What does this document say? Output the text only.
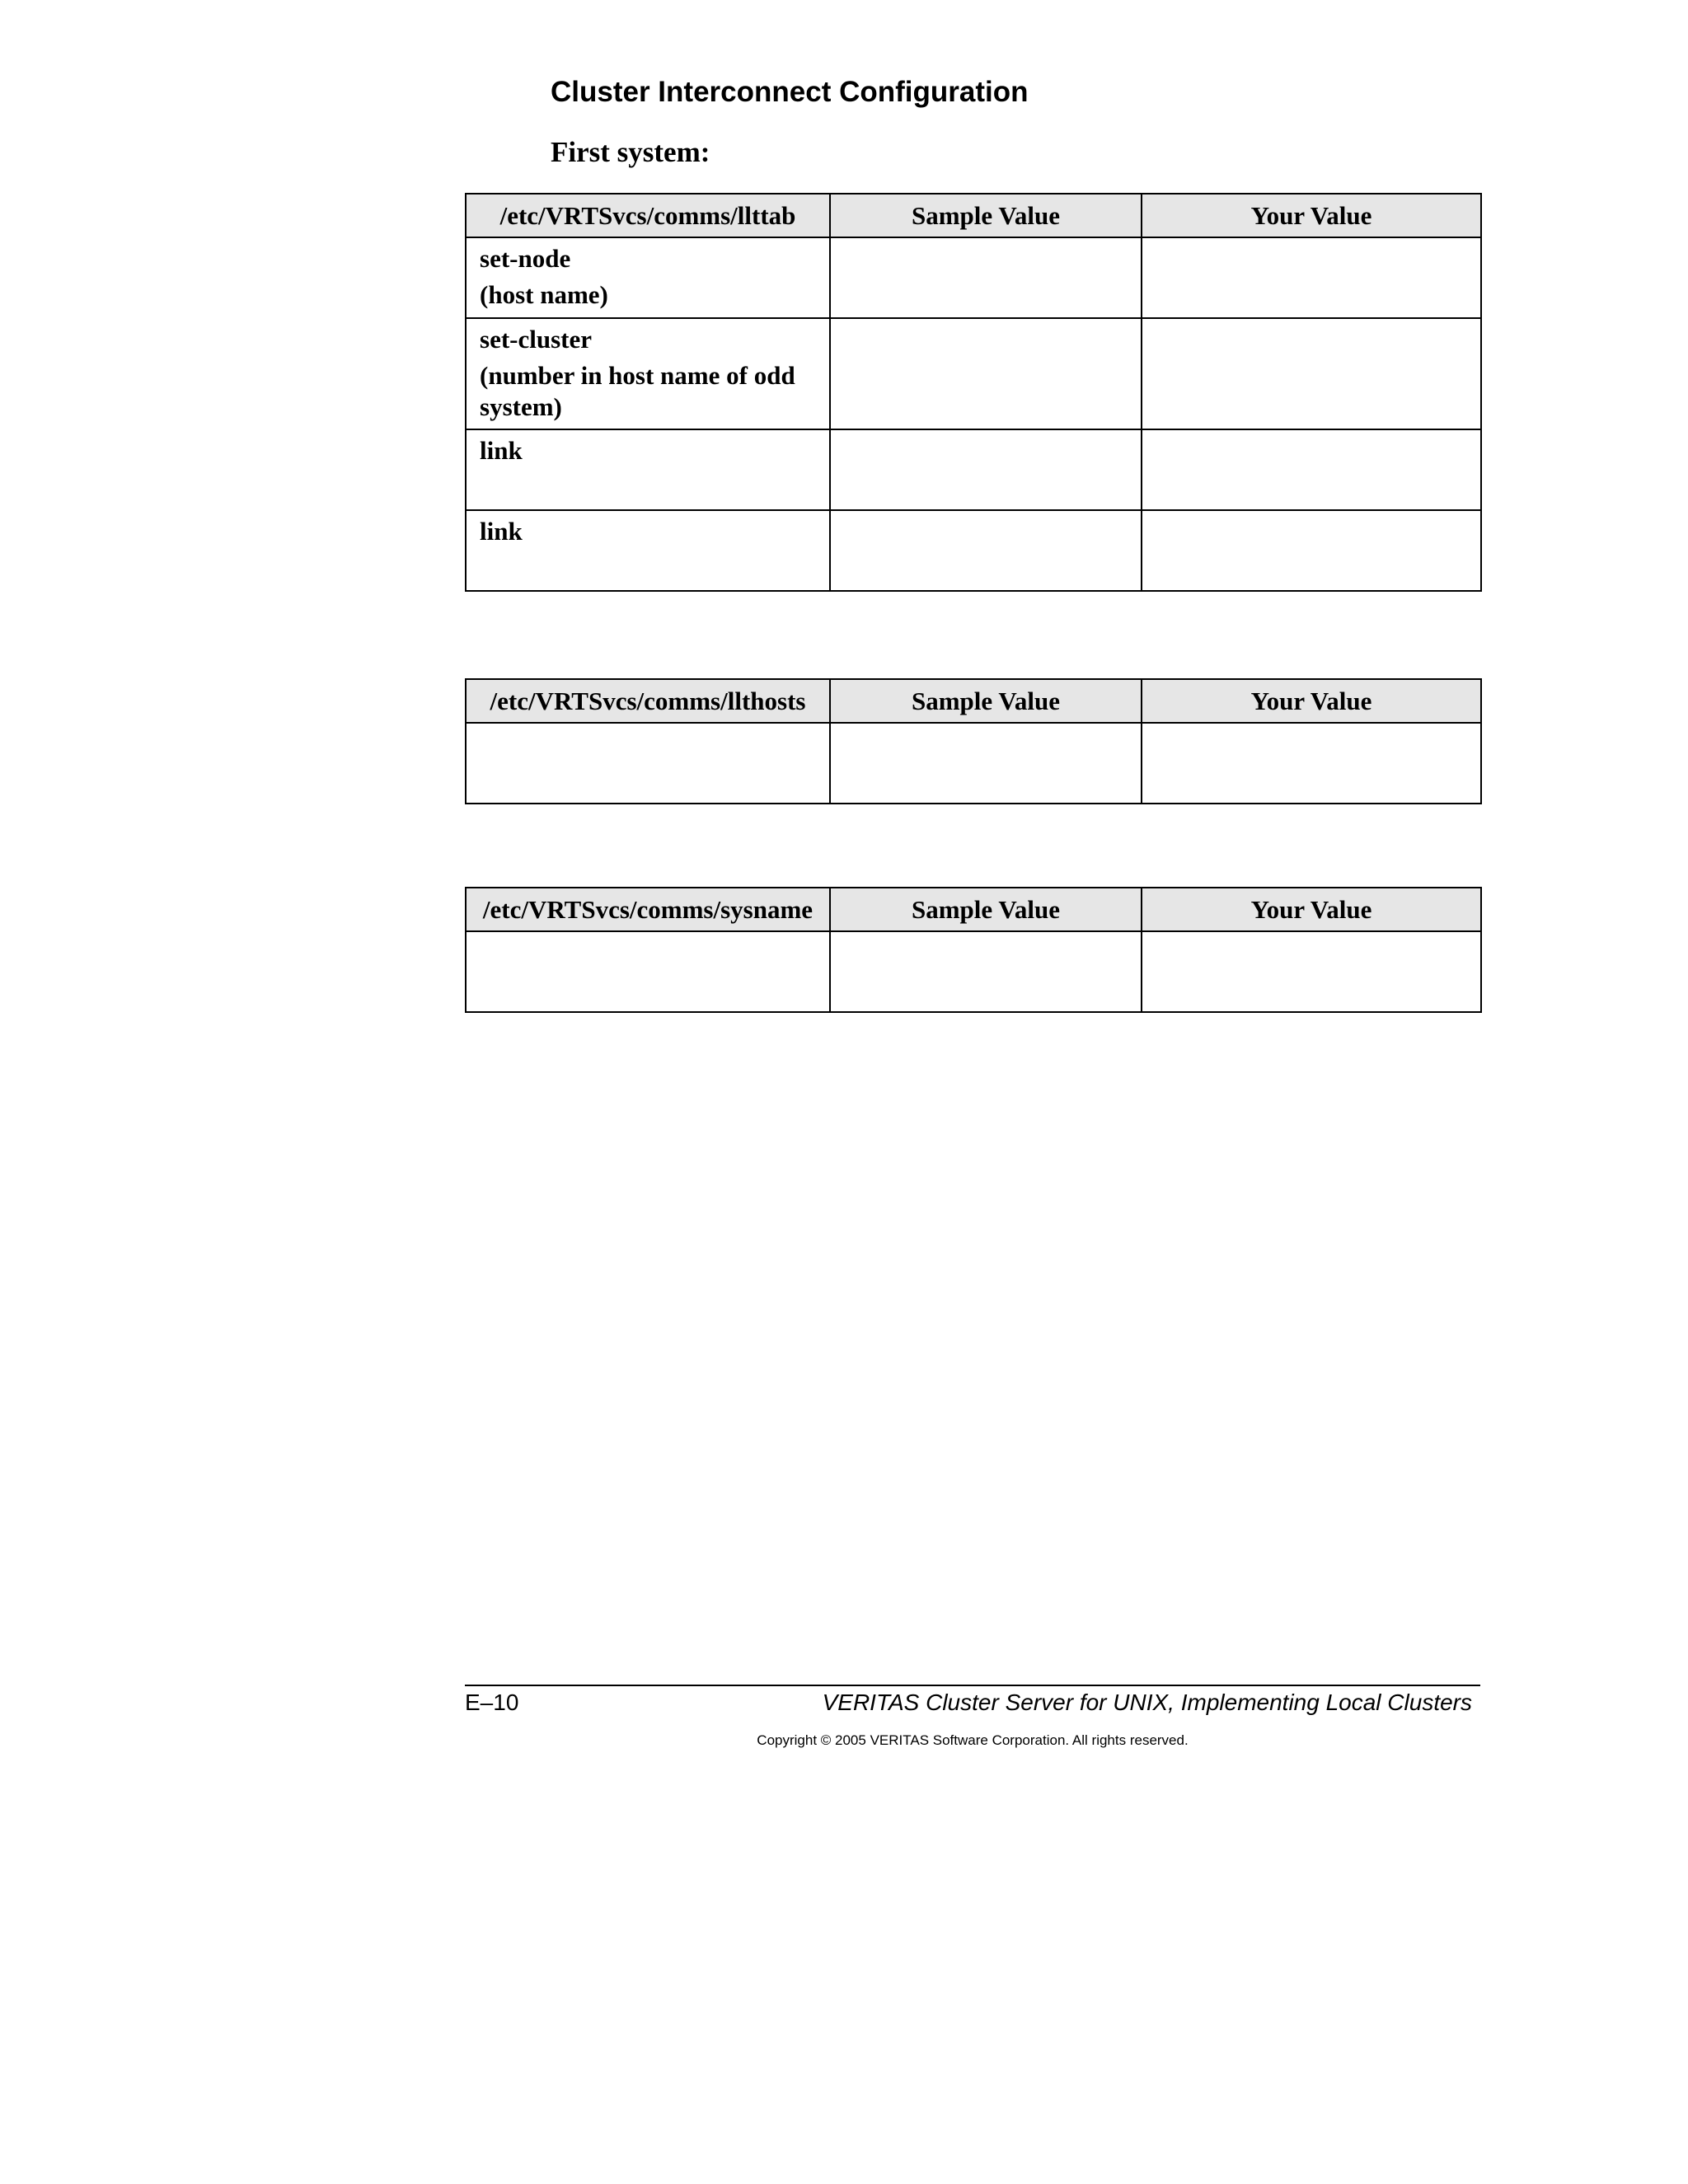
Cluster Interconnect Configuration
First system:
/etc/VRTSvcs/comms/llttab	Sample Value	Your Value

set-node
(host name)		

set-cluster
(number in host name of odd system)		

link		

link		

/etc/VRTSvcs/comms/llthosts	Sample Value	Your Value

/etc/VRTSvcs/comms/sysname	Sample Value	Your Value

E–10	VERITAS Cluster Server for UNIX, Implementing Local Clusters
Copyright © 2005 VERITAS Software Corporation. All rights reserved.
